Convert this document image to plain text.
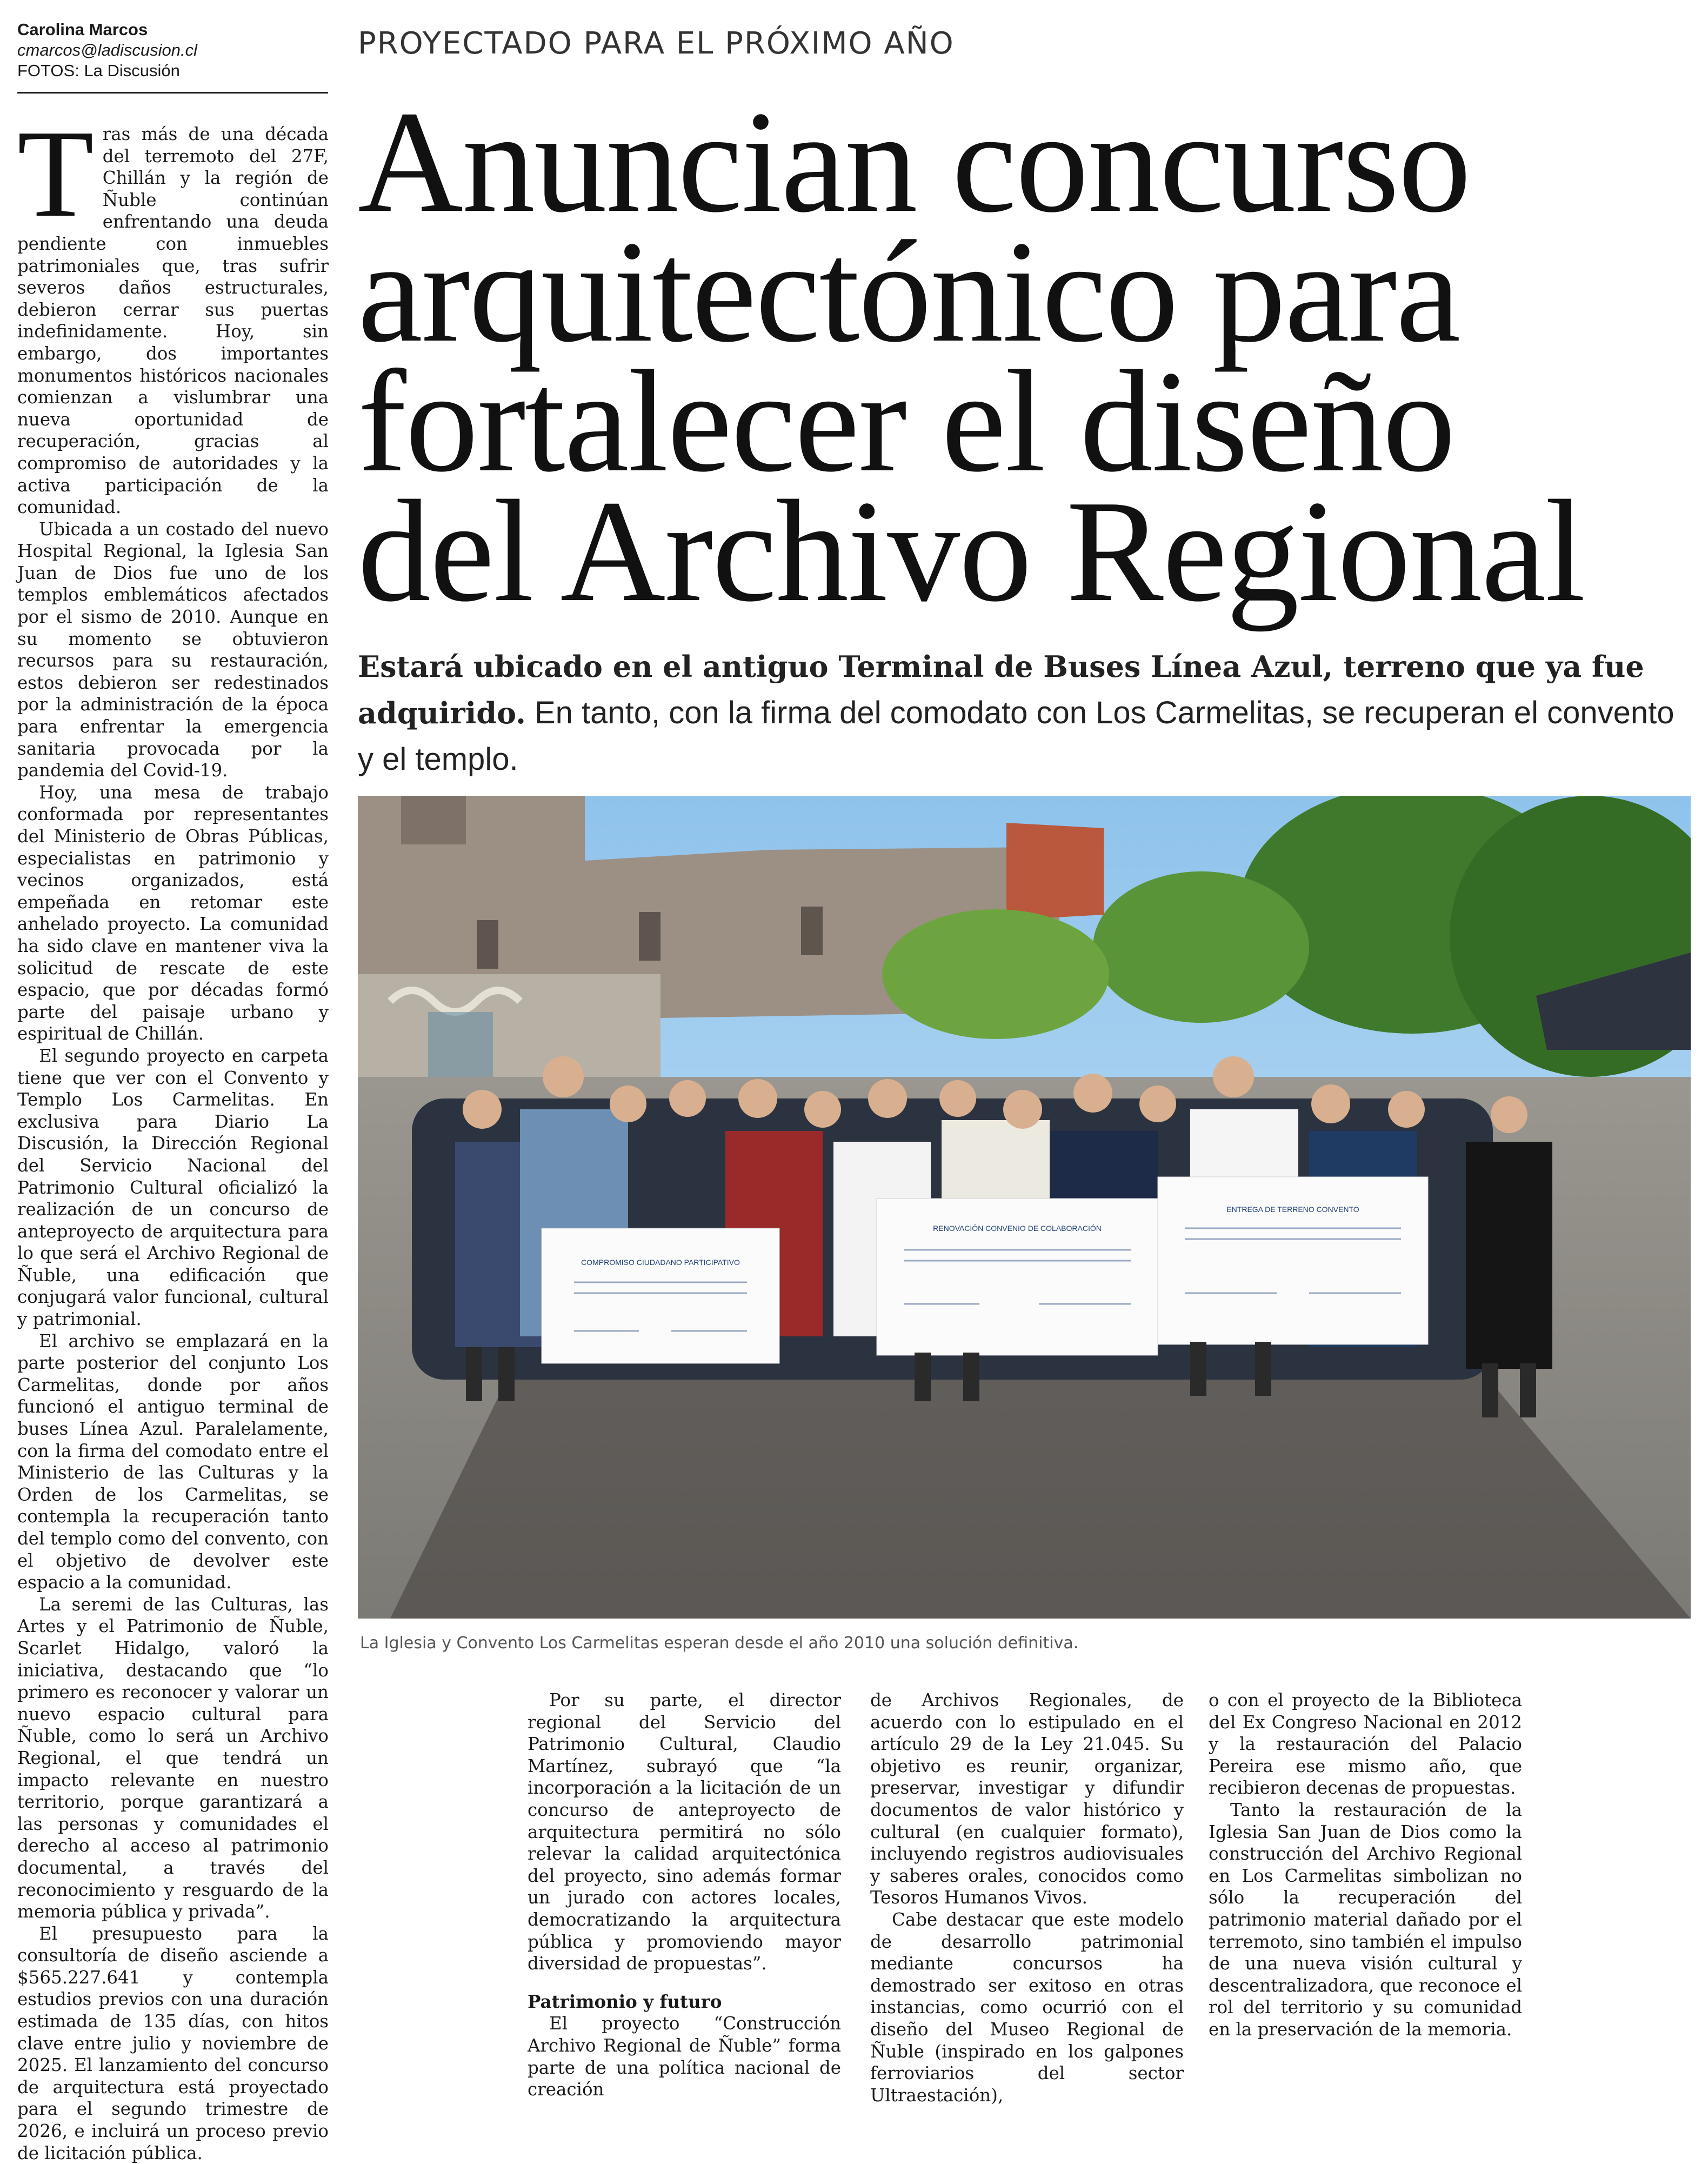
Carolina Marcos
cmarcos@ladiscusion.cl
FOTOS: La Discusión
PROYECTADO PARA EL PRÓXIMO AÑO
Anuncian concurso
arquitectónico para
fortalecer el diseño
del Archivo Regional

Estará ubicado en el antiguo Terminal de Buses Línea Azul, terreno que ya fue adquirido. En tanto, con la firma del comodato con Los Carmelitas, se recuperan el convento y el templo.

COMPROMISO CIUDADANO PARTICIPATIVO
RENOVACIÓN CONVENIO DE COLABORACIÓN
ENTREGA DE TERRENO CONVENTO
La Iglesia y Convento Los Carmelitas esperan desde el año 2010 una solución definitiva.

Tras más de una década del terremoto del 27F, Chillán y la región de Ñuble continúan enfrentando una deuda pendiente con inmuebles patrimoniales que, tras sufrir severos daños estructurales, debieron cerrar sus puertas indefinidamente. Hoy, sin embargo, dos importantes monumentos históricos nacionales comienzan a vislumbrar una nueva oportunidad de recuperación, gracias al compromiso de autoridades y la activa participación de la comunidad.

Ubicada a un costado del nuevo Hospital Regional, la Iglesia San Juan de Dios fue uno de los templos emblemáticos afectados por el sismo de 2010. Aunque en su momento se obtuvieron recursos para su restauración, estos debieron ser redestinados por la administración de la época para enfrentar la emergencia sanitaria provocada por la pandemia del Covid-19.

Hoy, una mesa de trabajo conformada por representantes del Ministerio de Obras Públicas, especialistas en patrimonio y vecinos organizados, está empeñada en retomar este anhelado proyecto. La comunidad ha sido clave en mantener viva la solicitud de rescate de este espacio, que por décadas formó parte del paisaje urbano y espiritual de Chillán.

El segundo proyecto en carpeta tiene que ver con el Convento y Templo Los Carmelitas. En exclusiva para Diario La Discusión, la Dirección Regional del Servicio Nacional del Patrimonio Cultural oficializó la realización de un concurso de anteproyecto de arquitectura para lo que será el Archivo Regional de Ñuble, una edificación que conjugará valor funcional, cultural y patrimonial.

El archivo se emplazará en la parte posterior del conjunto Los Carmelitas, donde por años funcionó el antiguo terminal de buses Línea Azul. Paralelamente, con la firma del comodato entre el Ministerio de las Culturas y la Orden de los Carmelitas, se contempla la recuperación tanto del templo como del convento, con el objetivo de devolver este espacio a la comunidad.

La seremi de las Culturas, las Artes y el Patrimonio de Ñuble, Scarlet Hidalgo, valoró la iniciativa, destacando que “lo primero es reconocer y valorar un nuevo espacio cultural para Ñuble, como lo será un Archivo Regional, el que tendrá un impacto relevante en nuestro territorio, porque garantizará a las personas y comunidades el derecho al acceso al patrimonio documental, a través del reconocimiento y resguardo de la memoria pública y privada”.

El presupuesto para la consultoría de diseño asciende a $565.227.641 y contempla estudios previos con una duración estimada de 135 días, con hitos clave entre julio y noviembre de 2025. El lanzamiento del concurso de arquitectura está proyectado para el segundo trimestre de 2026, e incluirá un proceso previo de licitación pública.

Por su parte, el director regional del Servicio del Patrimonio Cultural, Claudio Martínez, subrayó que “la incorporación a la licitación de un concurso de anteproyecto de arquitectura permitirá no sólo relevar la calidad arquitectónica del proyecto, sino además formar un jurado con actores locales, democratizando la arquitectura pública y promoviendo mayor diversidad de propuestas”.

Patrimonio y futuro

El proyecto “Construcción Archivo Regional de Ñuble” forma parte de una política nacional de creación

de Archivos Regionales, de acuerdo con lo estipulado en el artículo 29 de la Ley 21.045. Su objetivo es reunir, organizar, preservar, investigar y difundir documentos de valor histórico y cultural (en cualquier formato), incluyendo registros audiovisuales y saberes orales, conocidos como Tesoros Humanos Vivos.

Cabe destacar que este modelo de desarrollo patrimonial mediante concursos ha demostrado ser exitoso en otras instancias, como ocurrió con el diseño del Museo Regional de Ñuble (inspirado en los galpones ferroviarios del sector Ultraestación),

o con el proyecto de la Biblioteca del Ex Congreso Nacional en 2012 y la restauración del Palacio Pereira ese mismo año, que recibieron decenas de propuestas.

Tanto la restauración de la Iglesia San Juan de Dios como la construcción del Archivo Regional en Los Carmelitas simbolizan no sólo la recuperación del patrimonio material dañado por el terremoto, sino también el impulso de una nueva visión cultural y descentralizadora, que reconoce el rol del territorio y su comunidad en la preservación de la memoria.
